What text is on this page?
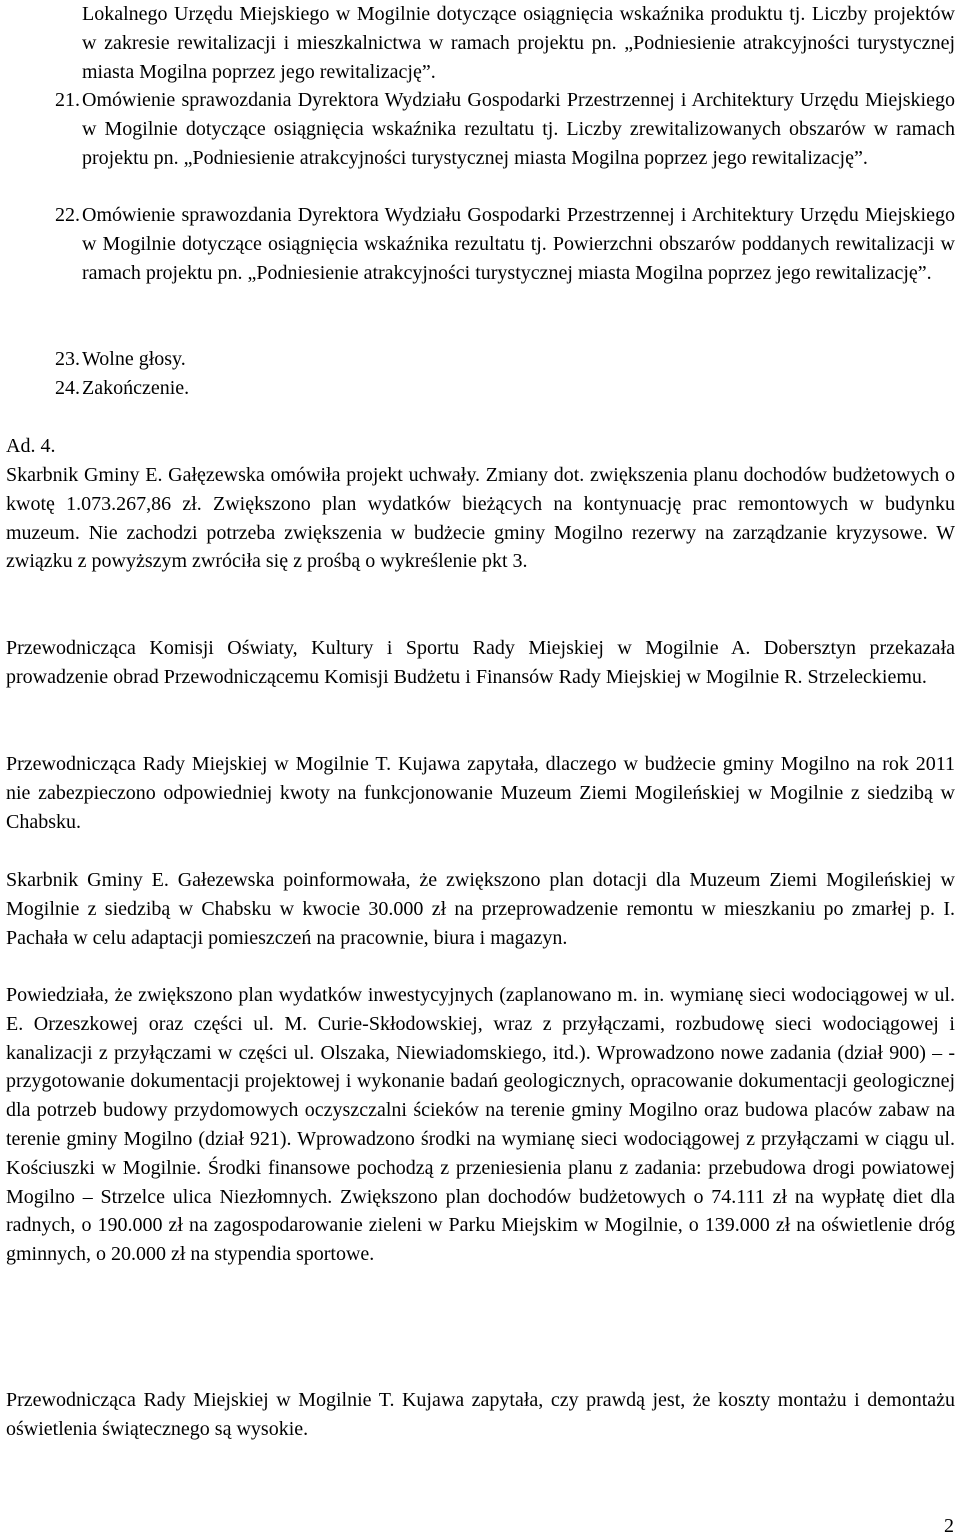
Lokalnego Urzędu Miejskiego w Mogilnie dotyczące osiągnięcia wskaźnika produktu tj. Liczby projektów w zakresie rewitalizacji i mieszkalnictwa w ramach projektu pn. „Podniesienie atrakcyjności turystycznej miasta Mogilna poprzez jego rewitalizację”.

21. Omówienie sprawozdania Dyrektora Wydziału Gospodarki Przestrzennej i Architektury Urzędu Miejskiego w Mogilnie dotyczące osiągnięcia wskaźnika rezultatu tj. Liczby zrewitalizowanych obszarów w ramach projektu pn. „Podniesienie atrakcyjności turystycznej miasta Mogilna poprzez jego rewitalizację”.

22. Omówienie sprawozdania Dyrektora Wydziału Gospodarki Przestrzennej i Architektury Urzędu Miejskiego w Mogilnie dotyczące osiągnięcia wskaźnika rezultatu tj. Powierzchni obszarów poddanych rewitalizacji w ramach projektu pn. „Podniesienie atrakcyjności turystycznej miasta Mogilna poprzez jego rewitalizację”.

23. Wolne głosy.

24. Zakończenie.

Ad. 4.

Skarbnik Gminy E. Gałęzewska omówiła projekt uchwały. Zmiany dot. zwiększenia planu dochodów budżetowych o kwotę 1.073.267,86 zł. Zwiększono plan wydatków bieżących na kontynuację prac remontowych w budynku muzeum. Nie zachodzi potrzeba zwiększenia w budżecie gminy Mogilno rezerwy na zarządzanie kryzysowe. W związku z powyższym zwróciła się z prośbą o wykreślenie pkt 3.

Przewodnicząca Komisji Oświaty, Kultury i Sportu Rady Miejskiej w Mogilnie A. Dobersztyn przekazała prowadzenie obrad Przewodniczącemu Komisji Budżetu i Finansów Rady Miejskiej w Mogilnie R. Strzeleckiemu.

Przewodnicząca Rady Miejskiej w Mogilnie T. Kujawa zapytała, dlaczego w budżecie gminy Mogilno na rok 2011 nie zabezpieczono odpowiedniej kwoty na funkcjonowanie Muzeum Ziemi Mogileńskiej w Mogilnie z siedzibą w Chabsku.

Skarbnik Gminy E. Gałezewska poinformowała, że zwiększono plan dotacji dla Muzeum Ziemi Mogileńskiej w Mogilnie z siedzibą w Chabsku w kwocie 30.000 zł na przeprowadzenie remontu w mieszkaniu po zmarłej p. I. Pachała w celu adaptacji pomieszczeń na pracownie, biura i magazyn.

Powiedziała, że zwiększono plan wydatków inwestycyjnych (zaplanowano m. in. wymianę sieci wodociągowej w ul. E. Orzeszkowej oraz części ul. M. Curie-Skłodowskiej, wraz z przyłączami, rozbudowę sieci wodociągowej i kanalizacji z przyłączami w części ul. Olszaka, Niewiadomskiego, itd.). Wprowadzono nowe zadania (dział 900) – - przygotowanie dokumentacji projektowej i wykonanie badań geologicznych, opracowanie dokumentacji geologicznej dla potrzeb budowy przydomowych oczyszczalni ścieków na terenie gminy Mogilno oraz budowa placów zabaw na terenie gminy Mogilno (dział 921). Wprowadzono środki na wymianę sieci wodociągowej z przyłączami w ciągu ul. Kościuszki w Mogilnie. Środki finansowe pochodzą z przeniesienia planu z zadania: przebudowa drogi powiatowej Mogilno – Strzelce ulica Niezłomnych. Zwiększono plan dochodów budżetowych o 74.111 zł na wypłatę diet dla radnych, o 190.000 zł na zagospodarowanie zieleni w Parku Miejskim w Mogilnie, o 139.000 zł na oświetlenie dróg gminnych, o 20.000 zł na stypendia sportowe.

Przewodnicząca Rady Miejskiej w Mogilnie T. Kujawa zapytała, czy prawdą jest, że koszty montażu i demontażu oświetlenia świątecznego są wysokie.

2
